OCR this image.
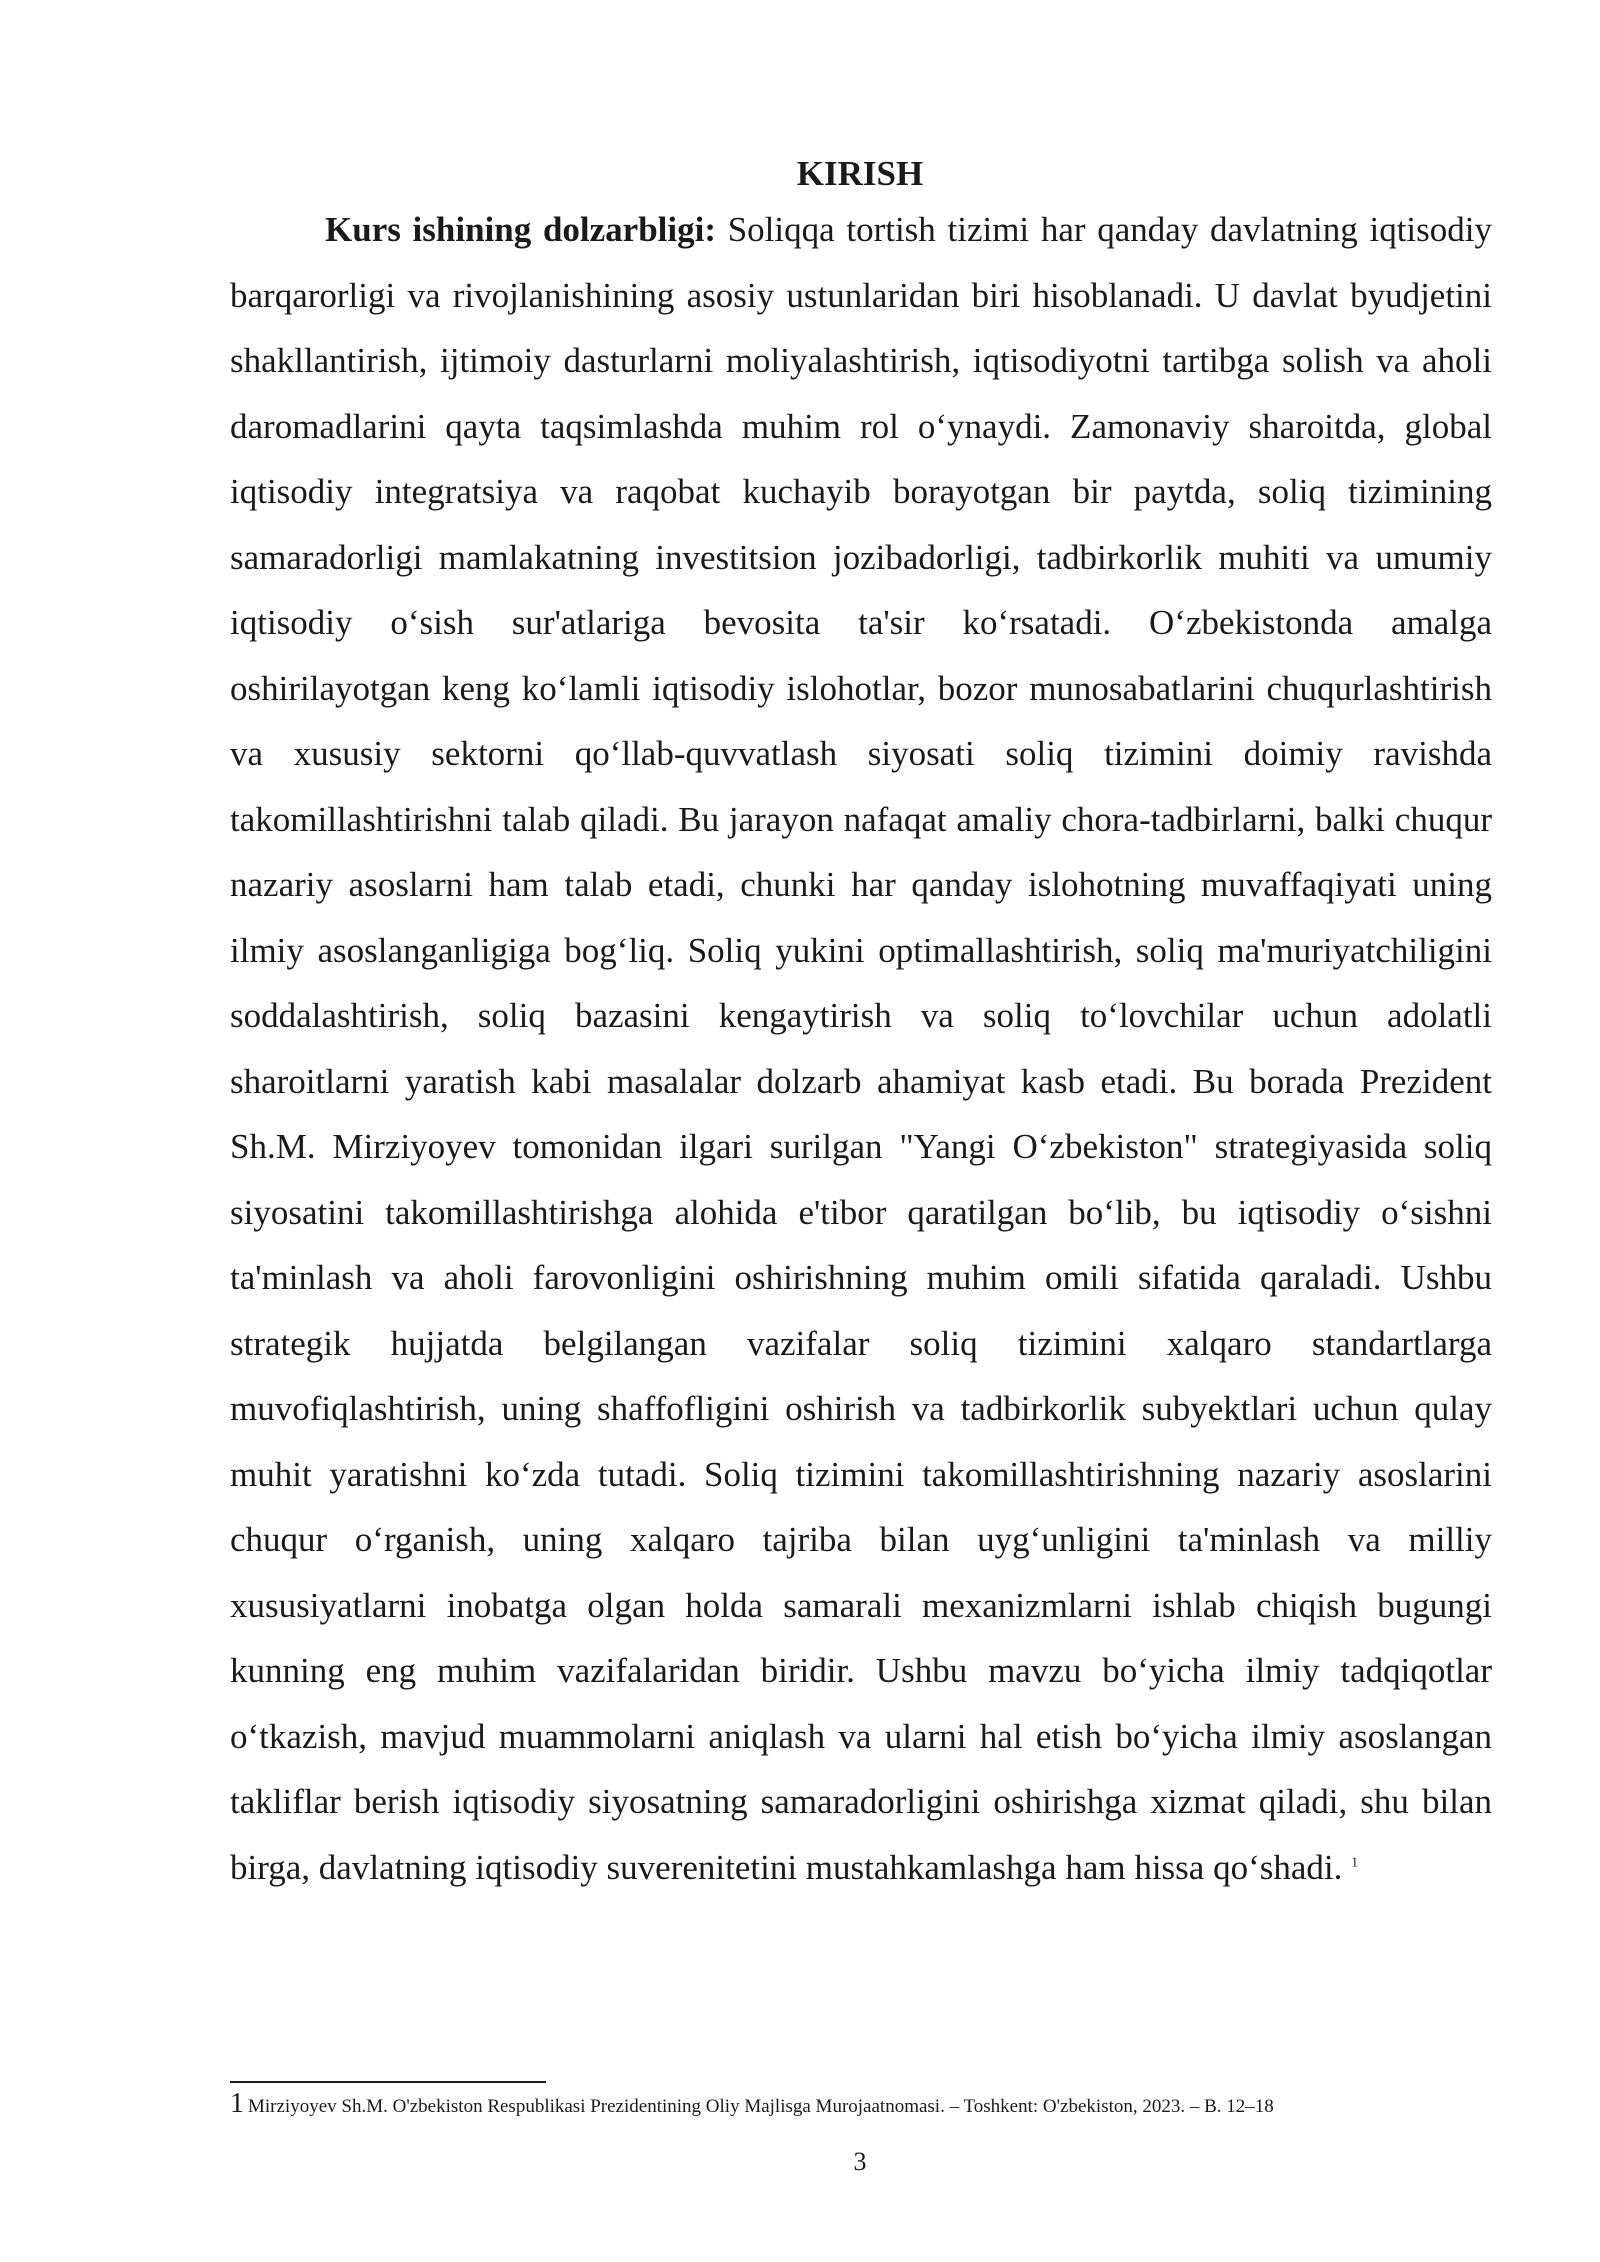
KIRISH

Kurs ishining dolzarbligi: Soliqqa tortish tizimi har qanday davlatning iqtisodiy barqarorligi va rivojlanishining asosiy ustunlaridan biri hisoblanadi. U davlat byudjetini shakllantirish, ijtimoiy dasturlarni moliyalashtirish, iqtisodiyotni tartibga solish va aholi daromadlarini qayta taqsimlashda muhim rol o‘ynaydi. Zamonaviy sharoitda, global iqtisodiy integratsiya va raqobat kuchayib borayotgan bir paytda, soliq tizimining samaradorligi mamlakatning investitsion jozibadorligi, tadbirkorlik muhiti va umumiy iqtisodiy o‘sish sur'atlariga bevosita ta'sir ko‘rsatadi. O‘zbekistonda amalga oshirilayotgan keng ko‘lamli iqtisodiy islohotlar, bozor munosabatlarini chuqurlashtirish va xususiy sektorni qo‘llab-quvvatlash siyosati soliq tizimini doimiy ravishda takomillashtirishni talab qiladi. Bu jarayon nafaqat amaliy chora-tadbirlarni, balki chuqur nazariy asoslarni ham talab etadi, chunki har qanday islohotning muvaffaqiyati uning ilmiy asoslanganligiga bog‘liq. Soliq yukini optimallashtirish, soliq ma'muriyatchiligini soddalashtirish, soliq bazasini kengaytirish va soliq to‘lovchilar uchun adolatli sharoitlarni yaratish kabi masalalar dolzarb ahamiyat kasb etadi. Bu borada Prezident Sh.M. Mirziyoyev tomonidan ilgari surilgan "Yangi O‘zbekiston" strategiyasida soliq siyosatini takomillashtirishga alohida e'tibor qaratilgan bo‘lib, bu iqtisodiy o‘sishni ta'minlash va aholi farovonligini oshirishning muhim omili sifatida qaraladi. Ushbu strategik hujjatda belgilangan vazifalar soliq tizimini xalqaro standartlarga muvofiqlashtirish, uning shaffofligini oshirish va tadbirkorlik subyektlari uchun qulay muhit yaratishni ko‘zda tutadi. Soliq tizimini takomillashtirishning nazariy asoslarini chuqur o‘rganish, uning xalqaro tajriba bilan uyg‘unligini ta'minlash va milliy xususiyatlarni inobatga olgan holda samarali mexanizmlarni ishlab chiqish bugungi kunning eng muhim vazifalaridan biridir. Ushbu mavzu bo‘yicha ilmiy tadqiqotlar o‘tkazish, mavjud muammolarni aniqlash va ularni hal etish bo‘yicha ilmiy asoslangan takliflar berish iqtisodiy siyosatning samaradorligini oshirishga xizmat qiladi, shu bilan birga, davlatning iqtisodiy suverenitetini mustahkamlashga ham hissa qo‘shadi. $^1$

1 Mirziyoyev Sh.M. O'zbekiston Respublikasi Prezidentining Oliy Majlisga Murojaatnomasi. – Toshkent: O'zbekiston, 2023. – B. 12–18

3
